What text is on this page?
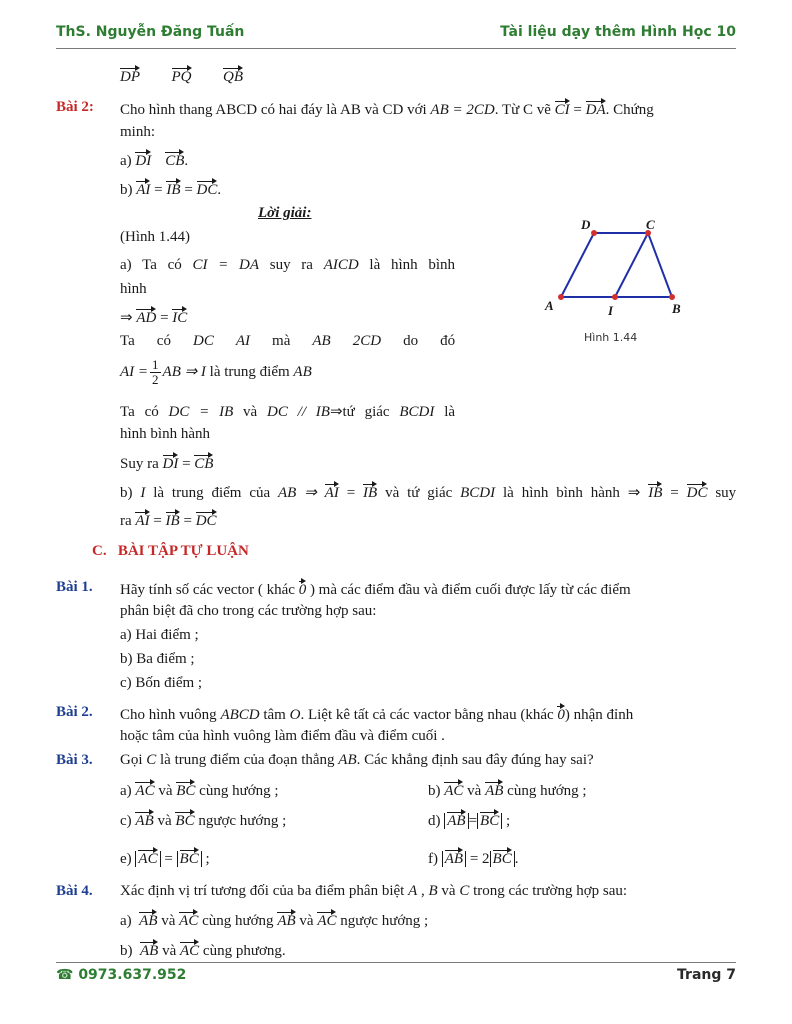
ThS. Nguyễn Đăng Tuấn	Tài liệu dạy thêm Hình Học 10
DP PQ QB
Bài 2: Cho hình thang ABCD có hai đáy là AB và CD với AB = 2CD. Từ C vẽ CI = DA. Chứng
minh:
a) DI CB.
b) AI = IB = DC.
Lời giải:
(Hình 1.44)
a) Ta có CI = DA suy ra AICD là hình bình
hình
⇒ AD = IC
Ta có DC AI mà AB 2CD do đó
AI = $\frac{1}{2}$ AB ⇒ I là trung điểm AB
Ta có DC = IB và DC // IB⇒tứ giác BCDI là
hình bình hành
Suy ra DI = CB
b) I là trung điểm của AB ⇒ AI = IB và tứ giác BCDI là hình bình hành ⇒ IB = DC suy
ra AI = IB = DC
A
D	C
B
I
Hình 1.44
C. BÀI TẬP TỰ LUẬN
Bài 1. Hãy tính số các vector ( khác 0 ) mà các điểm đầu và điểm cuối được lấy từ các điểm
phân biệt đã cho trong các trường hợp sau:
a) Hai điểm ;
b) Ba điểm ;
c) Bốn điểm ;
Bài 2. Cho hình vuông ABCD tâm O. Liệt kê tất cả các vactor bằng nhau (khác 0) nhận đỉnh
hoặc tâm của hình vuông làm điểm đầu và điểm cuối .
Bài 3. Gọi C là trung điểm của đoạn thẳng AB. Các khẳng định sau đây đúng hay sai?
a) AC và BC cùng hướng ;	b) AC và AB cùng hướng ;
c) AB và BC ngược hướng ;	d) AB = BC ;
e) AC = BC ;	f) AB = 2 BC .
Bài 4. Xác định vị trí tương đối của ba điểm phân biệt A , B và C trong các trường hợp sau:
a) AB và AC cùng hướng AB và AC ngược hướng ;
b) AB và AC cùng phương.
☎ 0973.637.952	Trang 7
